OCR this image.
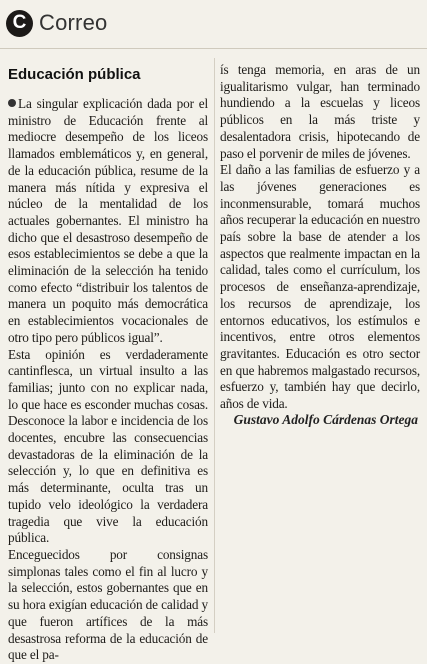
C Correo
Educación pública

La singular explicación dada por el ministro de Educación frente al mediocre desempeño de los liceos llamados emblemáticos y, en general, de la educación pública, resume de la manera más nítida y expresiva el núcleo de la mentalidad de los actuales gobernantes. El ministro ha dicho que el desastroso desempeño de esos establecimientos se debe a que la eliminación de la selección ha tenido como efecto “distribuir los talentos de manera un poquito más democrática en establecimientos vocacionales de otro tipo pero públicos igual”.

Esta opinión es verdaderamente cantinflesca, un virtual insulto a las familias; junto con no explicar nada, lo que hace es esconder muchas cosas. Desconoce la labor e incidencia de los docentes, encubre las consecuencias devastadoras de la eliminación de la selección y, lo que en definitiva es más determinante, oculta tras un tupido velo ideológico la verdadera tragedia que vive la educación pública.

Enceguecidos por consignas simplonas tales como el fin al lucro y la selección, estos gobernantes que en su hora exigían educación de calidad y que fueron artífices de la más desastrosa reforma de la educación de que el pa-

ís tenga memoria, en aras de un igualitarismo vulgar, han terminado hundiendo a la escuelas y liceos públicos en la más triste y desalentadora crisis, hipotecando de paso el porvenir de miles de jóvenes.

El daño a las familias de esfuerzo y a las jóvenes generaciones es inconmensurable, tomará muchos años recuperar la educación en nuestro país sobre la base de atender a los aspectos que realmente impactan en la calidad, tales como el currículum, los procesos de enseñanza-aprendizaje, los recursos de aprendizaje, los entornos educativos, los estímulos e incentivos, entre otros elementos gravitantes. Educación es otro sector en que habremos malgastado recursos, esfuerzo y, también hay que decirlo, años de vida.

Gustavo Adolfo Cárdenas Ortega
